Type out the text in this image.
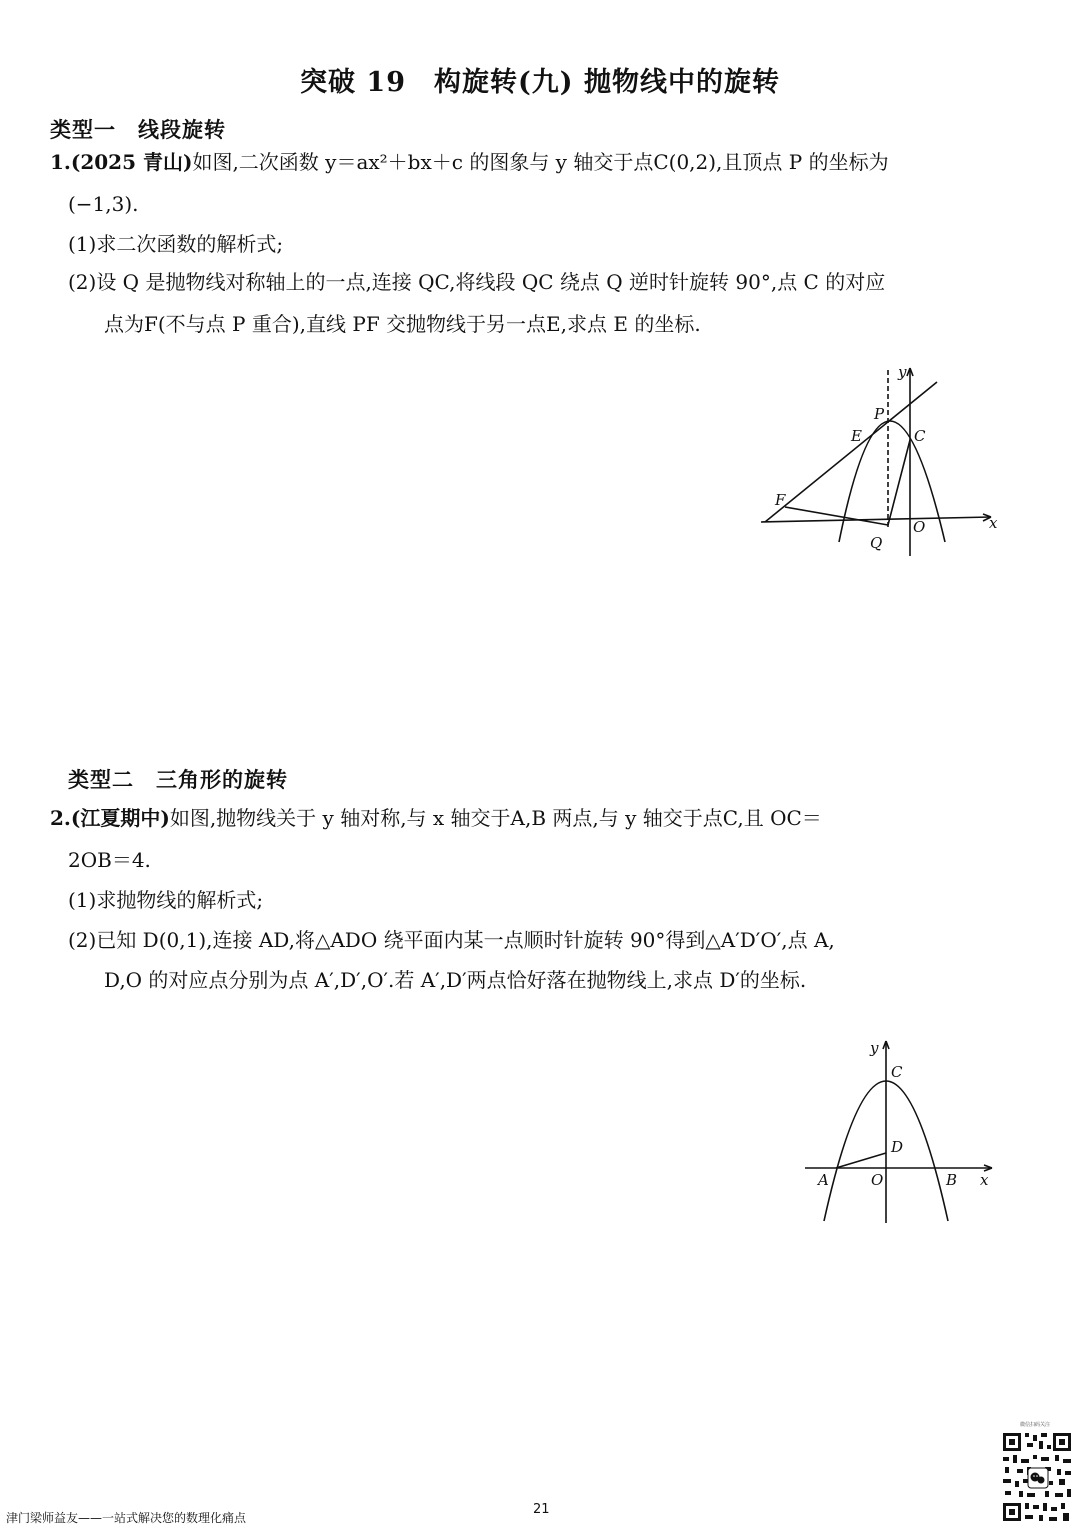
突破 19　构旋转(九) 抛物线中的旋转
类型一　线段旋转
1.(2025 青山)如图,二次函数 y＝ax²＋bx＋c 的图象与 y 轴交于点C(0,2),且顶点 P 的坐标为
(−1,3).
(1)求二次函数的解析式;
(2)设 Q 是抛物线对称轴上的一点,连接 QC,将线段 QC 绕点 Q 逆时针旋转 90°,点 C 的对应
点为F(不与点 P 重合),直线 PF 交抛物线于另一点E,求点 E 的坐标.
y
x
P
E	C
F
Q
O
类型二　三角形的旋转
2.(江夏期中)如图,抛物线关于 y 轴对称,与 x 轴交于A,B 两点,与 y 轴交于点C,且 OC＝
2OB＝4.
(1)求抛物线的解析式;
(2)已知 D(0,1),连接 AD,将△ADO 绕平面内某一点顺时针旋转 90°得到△A′D′O′,点 A,
D,O 的对应点分别为点 A′,D′,O′.若 A′,D′两点恰好落在抛物线上,求点 D′的坐标.
y
x
C
D
A	O	B
津门梁师益友——一站式解决您的数理化痛点
21
微信扫码关注
